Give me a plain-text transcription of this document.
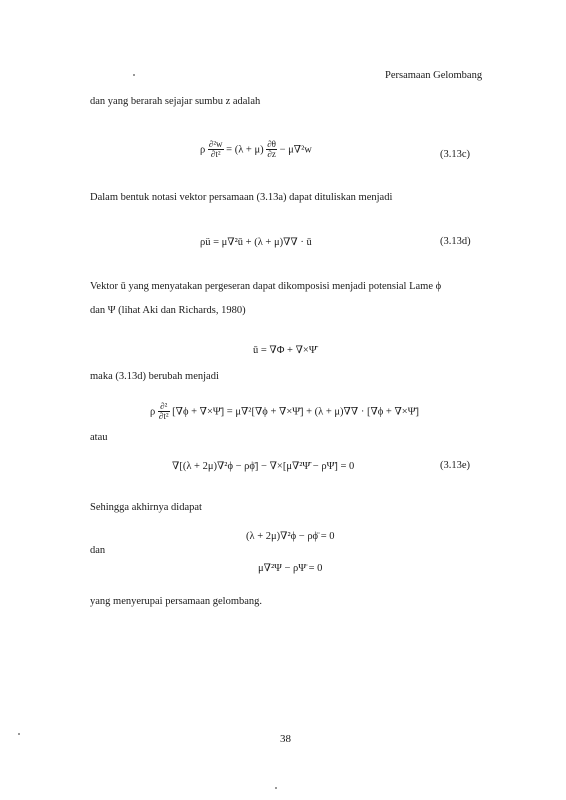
Persamaan Gelombang
dan yang berarah sejajar sumbu z adalah
ρ $\frac{\text{∂²w}}{\text{∂t²}} = (\lambda + \mu) \frac{\partial\theta}{\partial z} - \mu\nabla^2w$	(3.13c)
Dalam bentuk notasi vektor persamaan (3.13a) dapat dituliskan menjadi
ρü = μ∇²ū + (λ + μ)∇∇ · ū	(3.13d)
Vektor ū yang menyatakan pergeseran dapat dikomposisi menjadi potensial Lame ϕ
dan Ψ (lihat Aki dan Richards, 1980)
ū = ∇Φ + ∇×Ψ̄
maka (3.13d) berubah menjadi
ρ $\frac{\text{∂²}}{\text{∂t²}} [\nabla\phi$ + ∇×Ψ̄] = μ∇²[∇ϕ + ∇×Ψ̄] + (λ + μ)∇∇ · [∇ϕ + ∇×Ψ̄]
atau
∇[(λ + 2μ)∇²ϕ − ρϕ̈] − ∇×[μ∇²Ψ̄ − ρΨ̈] = 0	(3.13e)
Sehingga akhirnya didapat
(λ + 2μ)∇²ϕ − ρϕ̈ = 0
dan
μ∇²Ψ − ρΨ̈ = 0
yang menyerupai persamaan gelombang.
38
